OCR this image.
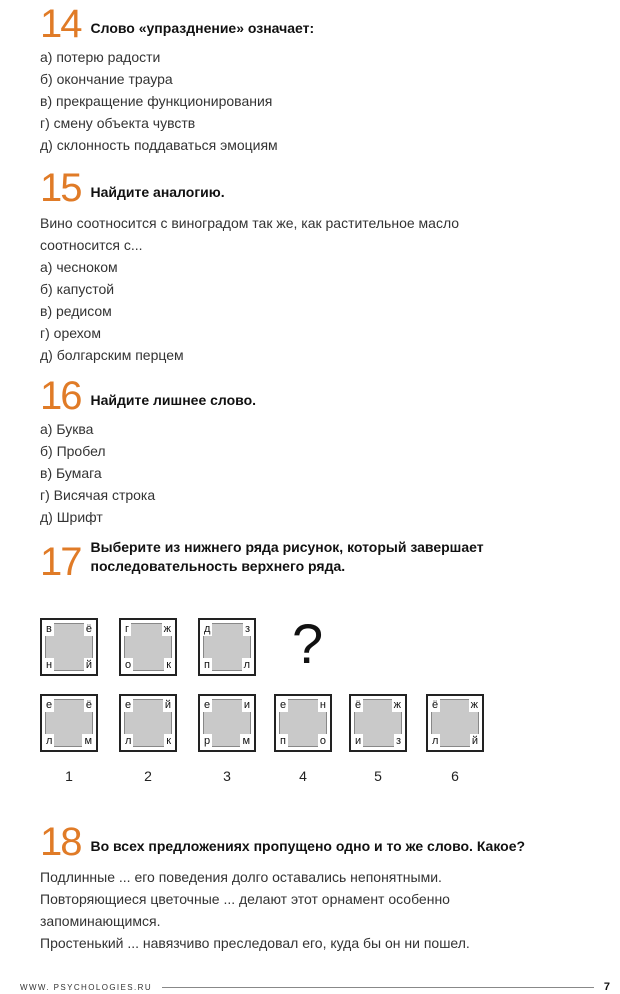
14 Слово «упразднение» означает:
а) потерю радости
б) окончание траура
в) прекращение функционирования
г) смену объекта чувств
д) склонность поддаваться эмоциям
15 Найдите аналогию.
Вино соотносится с виноградом так же, как растительное масло
соотносится с...
а) чесноком
б) капустой
в) редисом
г) орехом
д) болгарским перцем
16 Найдите лишнее слово.
а) Буква
б) Пробел
в) Бумага
г) Висячая строка
д) Шрифт
17 Выберите из нижнего ряда рисунок, который завершает
последовательность верхнего ряда.
в	ё
н	й
г	ж
о	к
д	з
п	л ?
е	ё
л	м
е	й
л	к
е	и
р	м
е	н
п	о
ё	ж
и	з
ё	ж
л	й
1	2	3	4	5	6
18 Во всех предложениях пропущено одно и то же слово. Какое?
Подлинные ... его поведения долго оставались непонятными.
Повторяющиеся цветочные ... делают этот орнамент особенно
запоминающимся.
Простенький ... навязчиво преследовал его, куда бы он ни пошел.
WWW. PSYCHOLOGIES.RU	7
